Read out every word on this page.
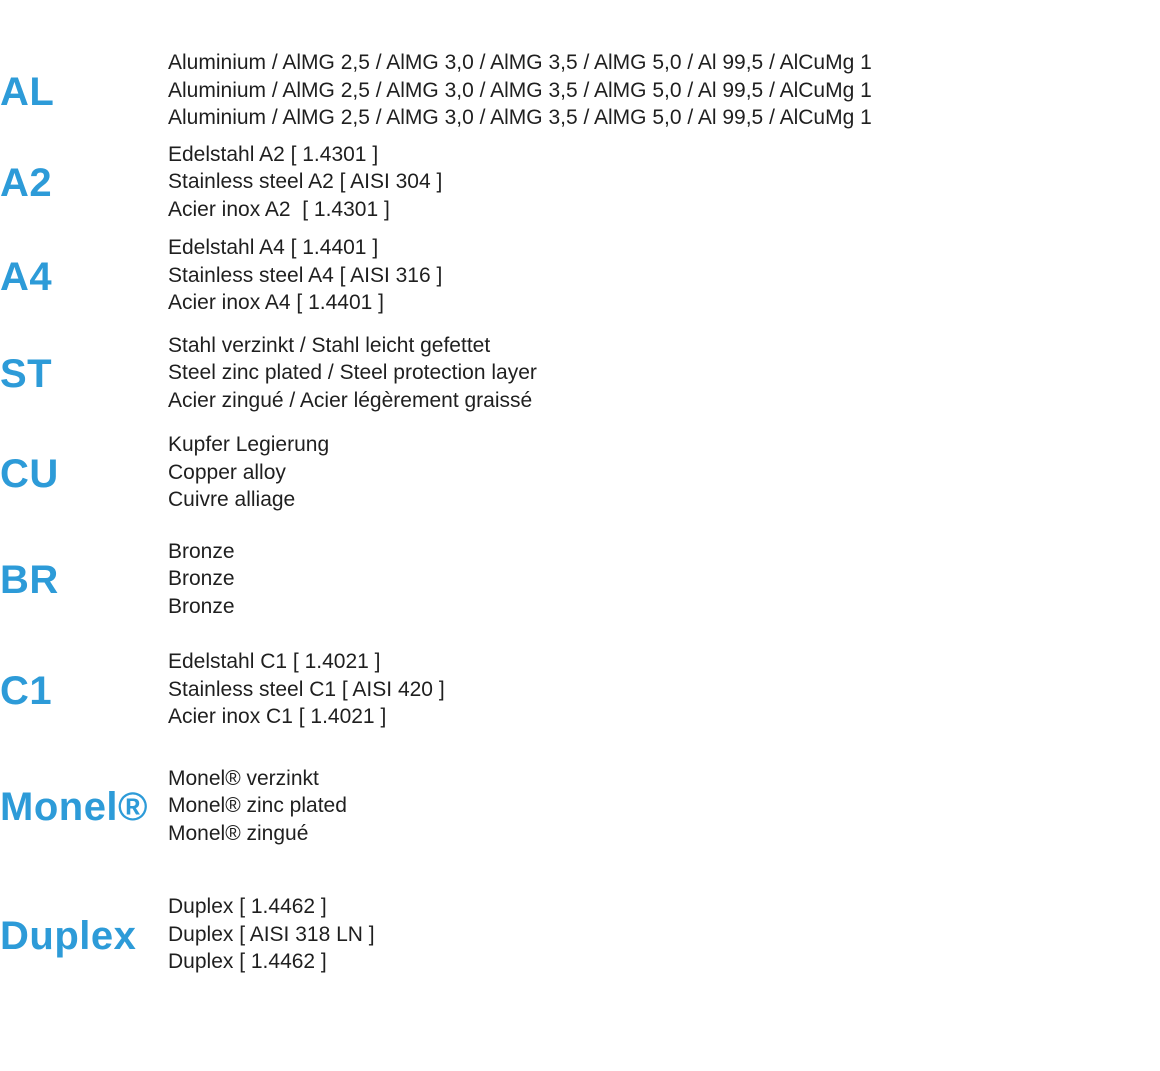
AL
Aluminium / AlMG 2,5 / AlMG 3,0 / AlMG 3,5 / AlMG 5,0 / Al 99,5 / AlCuMg 1
Aluminium / AlMG 2,5 / AlMG 3,0 / AlMG 3,5 / AlMG 5,0 / Al 99,5 / AlCuMg 1
Aluminium / AlMG 2,5 / AlMG 3,0 / AlMG 3,5 / AlMG 5,0 / Al 99,5 / AlCuMg 1
A2
Edelstahl A2 [ 1.4301 ]
Stainless steel A2 [ AISI 304 ]
Acier inox A2  [ 1.4301 ]
A4
Edelstahl A4 [ 1.4401 ]
Stainless steel A4 [ AISI 316 ]
Acier inox A4 [ 1.4401 ]
ST
Stahl verzinkt / Stahl leicht gefettet
Steel zinc plated / Steel protection layer
Acier zingué / Acier légèrement graissé
CU
Kupfer Legierung
Copper alloy
Cuivre alliage
BR
Bronze
Bronze
Bronze
C1
Edelstahl C1 [ 1.4021 ]
Stainless steel C1 [ AISI 420 ]
Acier inox C1 [ 1.4021 ]
Monel®
Monel® verzinkt
Monel® zinc plated
Monel® zingué
Duplex
Duplex [ 1.4462 ]
Duplex [ AISI 318 LN ]
Duplex [ 1.4462 ]
